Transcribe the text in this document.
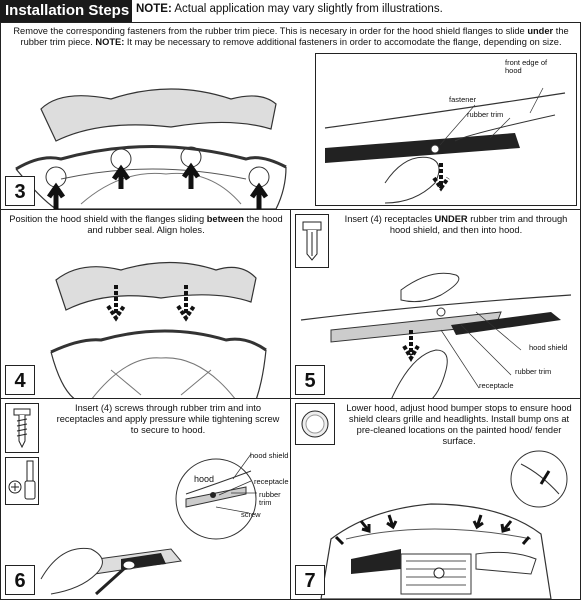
Installation Steps NOTE: Actual application may vary slightly from illustrations.
Remove the corresponding fasteners from the rubber trim piece. This is necesary in order for the hood shield flanges to slide under the rubber trim piece. NOTE: It may be necessary to remove additional fasteners in order to accomodate the flange, depending on size.
fastener
rubber trim
front edge of hood
3
Position the hood shield with the flanges sliding between the hood and rubber seal. Align holes.
4
Insert (4) receptacles UNDER rubber trim and through hood shield, and then into hood.
hood shield
rubber trim
receptacle
5
Insert (4) screws through rubber trim and into receptacles and apply pressure while tightening screw to secure to hood.
hood shield
hood	receptacle
rubber trim
screw
6
Lower hood, adjust hood bumper stops to ensure hood shield clears grille and headlights. Install bump ons at pre-cleaned locations on the painted hood/ fender surface.
7
